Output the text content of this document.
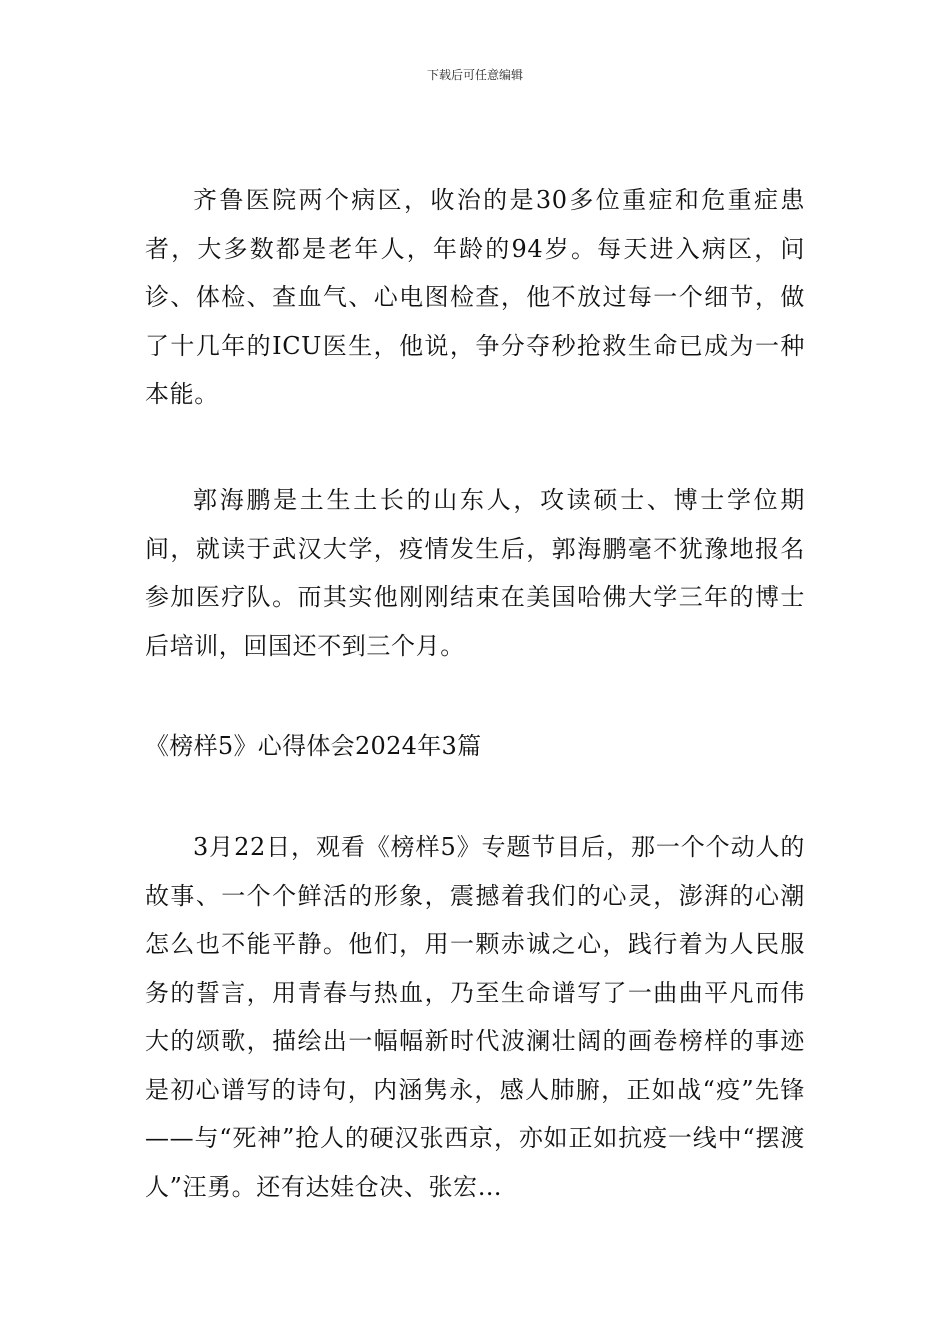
下载后可任意编辑

齐鲁医院两个病区，收治的是30多位重症和危重症患者，大多数都是老年人，年龄的94岁。每天进入病区，问诊、体检、查血气、心电图检查，他不放过每一个细节，做了十几年的ICU医生，他说，争分夺秒抢救生命已成为一种本能。

郭海鹏是土生土长的山东人，攻读硕士、博士学位期间，就读于武汉大学，疫情发生后，郭海鹏毫不犹豫地报名参加医疗队。而其实他刚刚结束在美国哈佛大学三年的博士后培训，回国还不到三个月。

《榜样5》心得体会2024年3篇

3月22日，观看《榜样5》专题节目后，那一个个动人的故事、一个个鲜活的形象，震撼着我们的心灵，澎湃的心潮怎么也不能平静。他们，用一颗赤诚之心，践行着为人民服务的誓言，用青春与热血，乃至生命谱写了一曲曲平凡而伟大的颂歌，描绘出一幅幅新时代波澜壮阔的画卷榜样的事迹是初心谱写的诗句，内涵隽永，感人肺腑，正如战“疫”先锋——与“死神”抢人的硬汉张西京，亦如正如抗疫一线中“摆渡人”汪勇。还有达娃仓决、张宏…
